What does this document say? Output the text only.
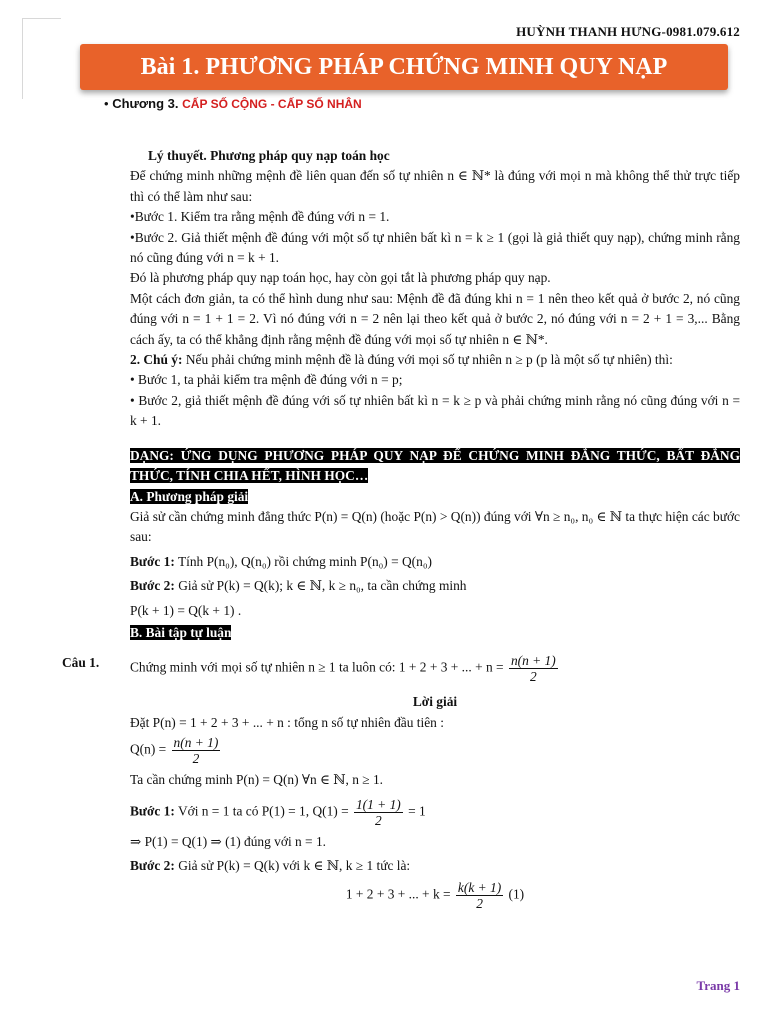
HUỲNH THANH HƯNG-0981.079.612
Bài 1. PHƯƠNG PHÁP CHỨNG MINH QUY NẠP
• Chương 3. CẤP SỐ CỘNG - CẤP SỐ NHÂN

Lý thuyết. Phương pháp quy nạp toán học

Để chứng minh những mệnh đề liên quan đến số tự nhiên n ∈ ℕ* là đúng với mọi n mà không thể thử trực tiếp thì có thể làm như sau:

•Bước 1. Kiểm tra rằng mệnh đề đúng với n = 1.

•Bước 2. Giả thiết mệnh đề đúng với một số tự nhiên bất kì n = k ≥ 1 (gọi là giả thiết quy nạp), chứng minh rằng nó cũng đúng với n = k + 1.

Đó là phương pháp quy nạp toán học, hay còn gọi tắt là phương pháp quy nạp.

Một cách đơn giản, ta có thể hình dung như sau: Mệnh đề đã đúng khi n = 1 nên theo kết quả ở bước 2, nó cũng đúng với n = 1 + 1 = 2. Vì nó đúng với n = 2 nên lại theo kết quả ở bước 2, nó đúng với n = 2 + 1 = 3,... Bằng cách ấy, ta có thể khẳng định rằng mệnh đề đúng với mọi số tự nhiên n ∈ ℕ*.

2. Chú ý: Nếu phải chứng minh mệnh đề là đúng với mọi số tự nhiên n ≥ p (p là một số tự nhiên) thì:

• Bước 1, ta phải kiểm tra mệnh đề đúng với n = p;

• Bước 2, giả thiết mệnh đề đúng với số tự nhiên bất kì n = k ≥ p và phải chứng minh rằng nó cũng đúng với n = k + 1.

DẠNG: ỨNG DỤNG PHƯƠNG PHÁP QUY NẠP ĐỂ CHỨNG MINH ĐẲNG THỨC, BẤT ĐẲNG THỨC, TÍNH CHIA HẾT, HÌNH HỌC…

A. Phương pháp giải

Giả sử cần chứng minh đẳng thức P(n) = Q(n) (hoặc P(n) > Q(n)) đúng với ∀n ≥ n₀, n₀ ∈ ℕ ta thực hiện các bước sau:

Bước 1: Tính P(n₀), Q(n₀) rồi chứng minh P(n₀) = Q(n₀)

Bước 2: Giả sử P(k) = Q(k); k ∈ ℕ, k ≥ n₀, ta cần chứng minh

P(k + 1) = Q(k + 1) .

B. Bài tập tự luận

Câu 1. Chứng minh với mọi số tự nhiên n ≥ 1 ta luôn có: 1 + 2 + 3 + ... + $n = \frac{n(n + 1)}{2}$

Lời giải

Đặt P(n) = 1 + 2 + 3 + ... + n : tổng n số tự nhiên đầu tiên :

$Q(n) = \frac{n(n + 1)}{2}$

Ta cần chứng minh P(n) = Q(n) ∀n ∈ ℕ, n ≥ 1.

Bước 1: Với n = 1 ta có P(1) = 1, $Q(1) = \frac{1(1 + 1)}{2} = 1$

⇒ P(1) = Q(1) ⇒ (1) đúng với n = 1.

Bước 2: Giả sử P(k) = Q(k) với k ∈ ℕ, k ≥ 1 tức là:

1 + 2 + 3 + ... + $k = \frac{k(k + 1)}{2} (1)$

Trang 1
